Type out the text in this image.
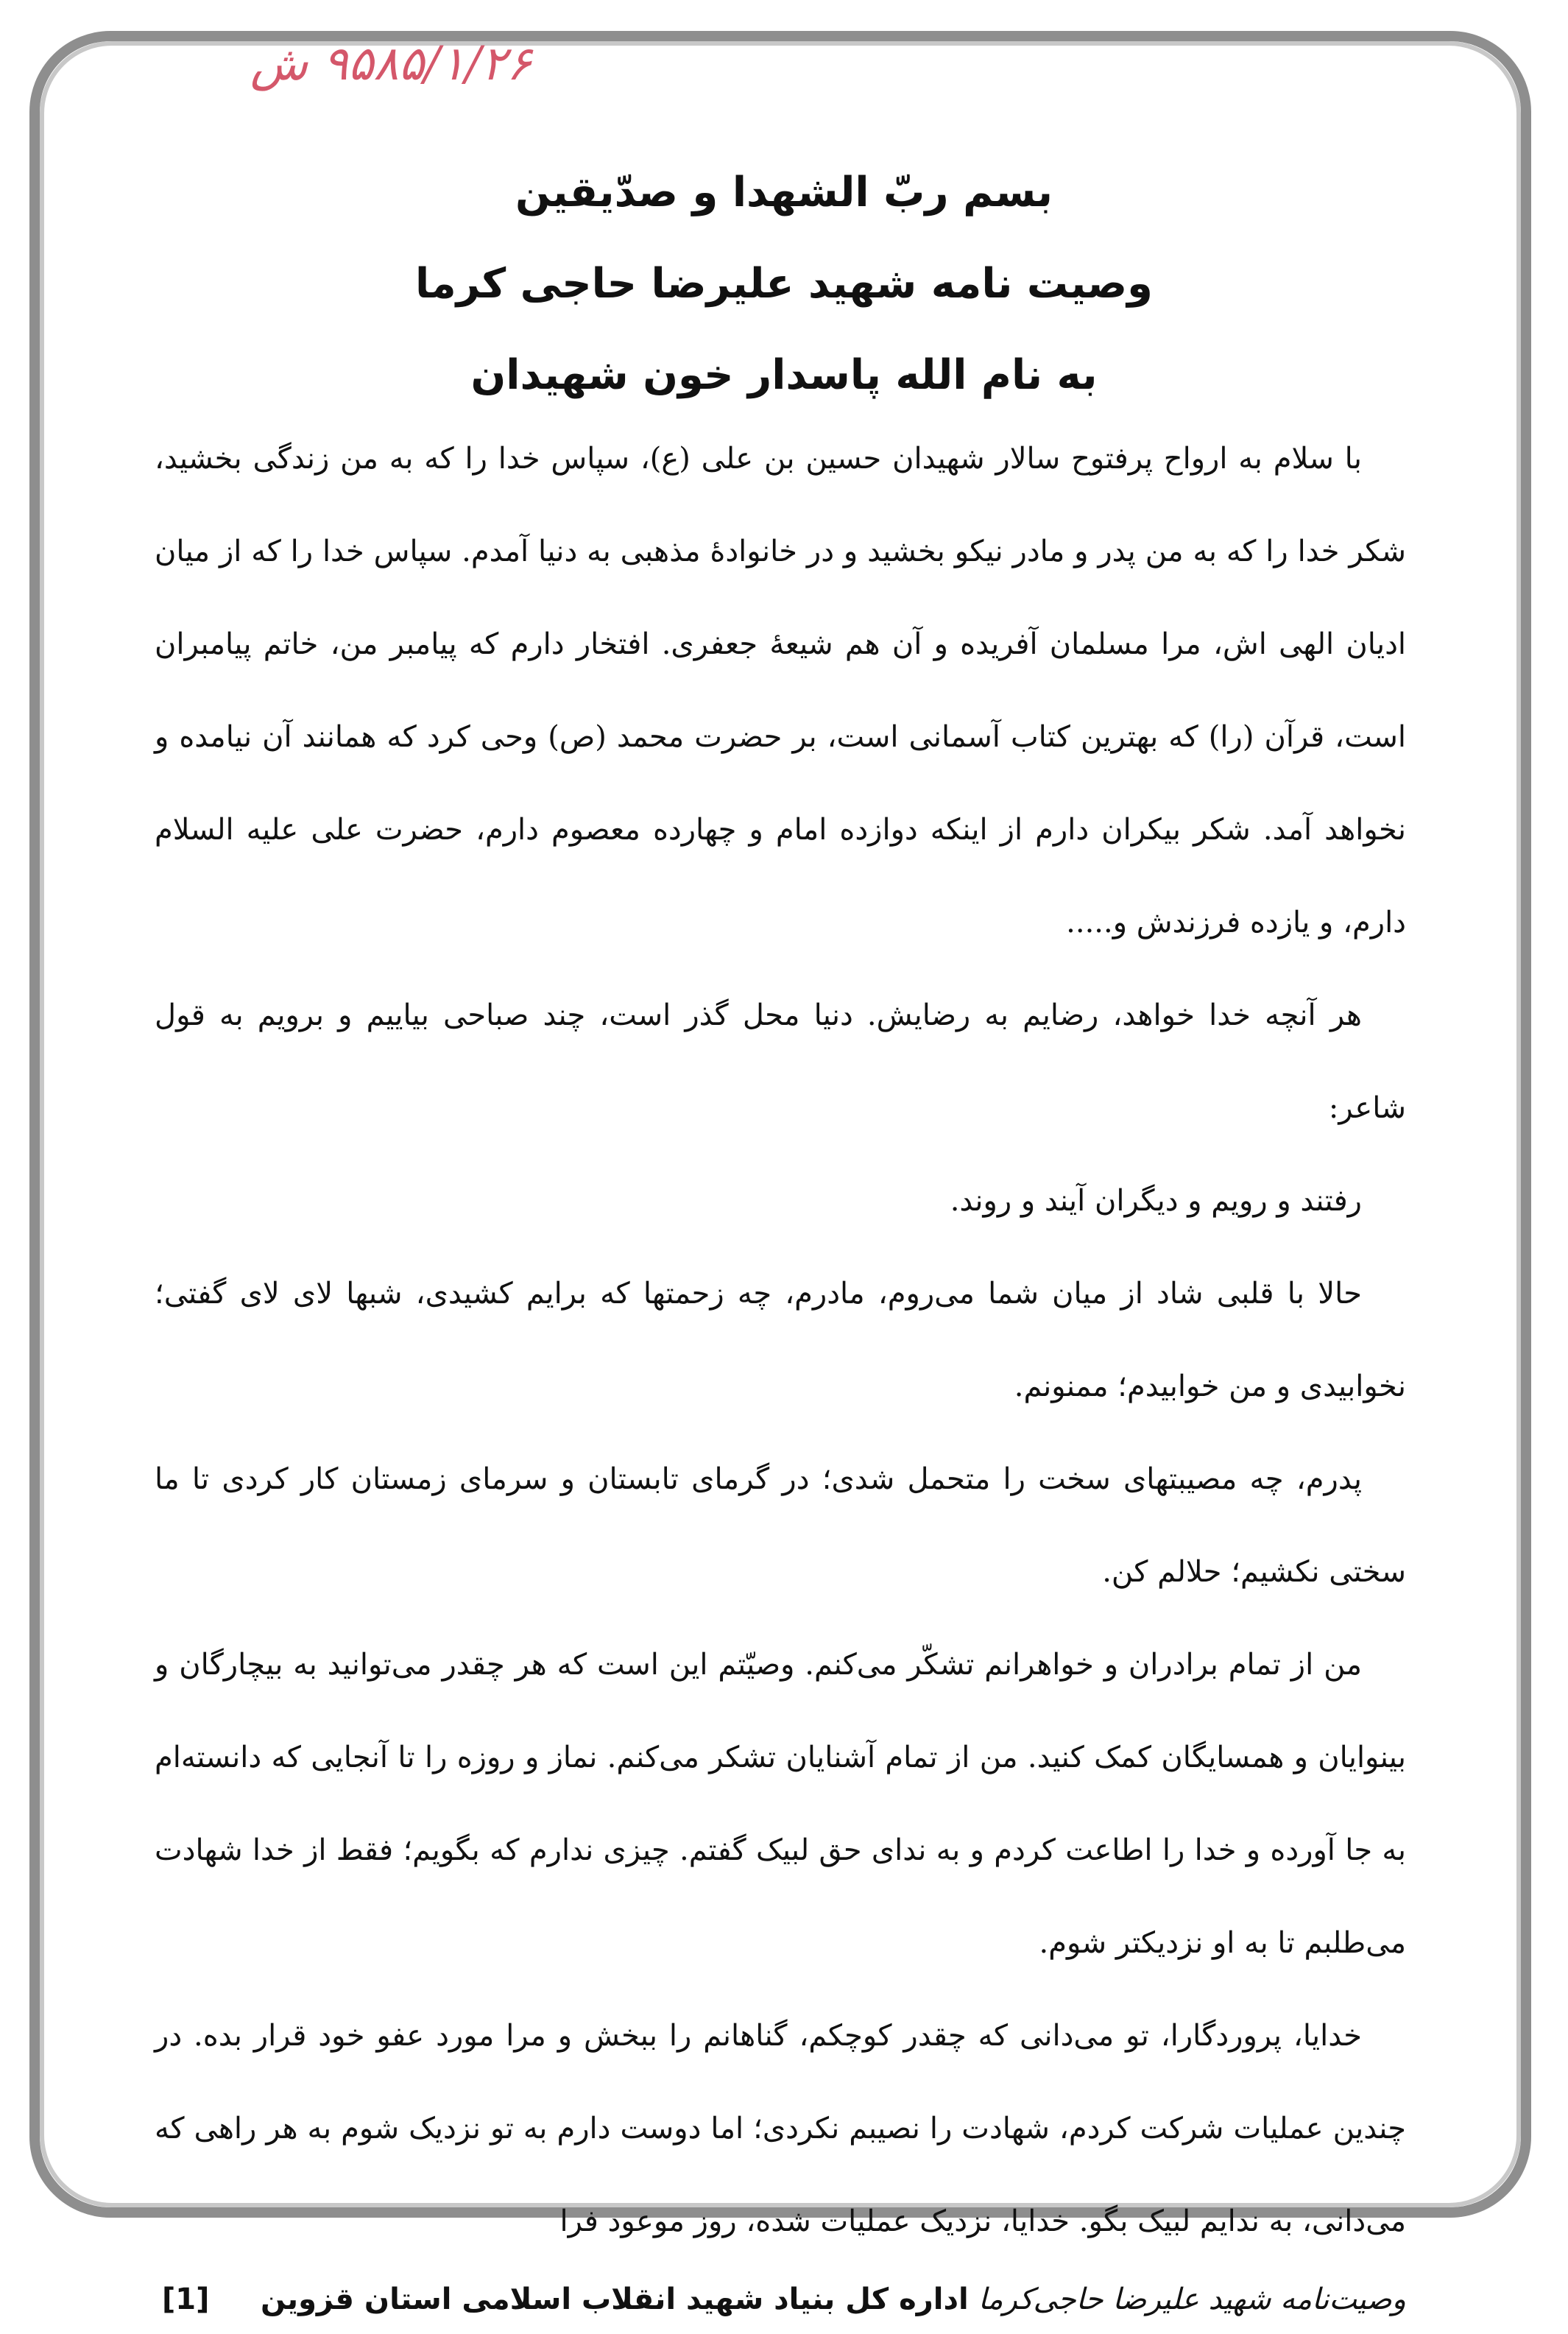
۹۵۸۵/۱/۲۶ ش
بسم ربّ الشهدا و صدّیقین
وصیت نامه شهید علیرضا حاجی کرما
به نام الله پاسدار خون شهیدان

با سلام به ارواح پرفتوح سالار شهیدان حسین بن علی (ع)، سپاس خدا را که به من زندگی بخشید، شکر خدا را که به من پدر و مادر نیکو بخشید و در خانوادهٔ مذهبی به دنیا آمدم. سپاس خدا را که از میان ادیان الهی اش، مرا مسلمان آفریده و آن هم شیعهٔ جعفری. افتخار دارم که پیامبر من، خاتم پیامبران است، قرآن (را) که بهترین کتاب آسمانی است، بر حضرت محمد (ص) وحی کرد که همانند آن نیامده و نخواهد آمد. شکر بیکران دارم از اینکه دوازده امام و چهارده معصوم دارم، حضرت علی علیه السلام دارم، و یازده فرزندش و.....

هر آنچه خدا خواهد، رضایم به رضایش. دنیا محل گذر است، چند صباحی بیاییم و برویم به قول شاعر:

رفتند و رویم و دیگران آیند و روند.

حالا با قلبی شاد از میان شما می‌روم، مادرم، چه زحمتها که برایم کشیدی، شبها لای لای گفتی؛ نخوابیدی و من خوابیدم؛ ممنونم.

پدرم، چه مصیبتهای سخت را متحمل شدی؛ در گرمای تابستان و سرمای زمستان کار کردی تا ما سختی نکشیم؛ حلالم کن.

من از تمام برادران و خواهرانم تشکّر می‌کنم. وصیّتم این است که هر چقدر می‌توانید به بیچارگان و بینوایان و همسایگان کمک کنید. من از تمام آشنایان تشکر می‌کنم. نماز و روزه را تا آنجایی که دانسته‌ام به جا آورده و خدا را اطاعت کردم و به ندای حق لبیک گفتم. چیزی ندارم که بگویم؛ فقط از خدا شهادت می‌طلبم تا به او نزدیکتر شوم.

خدایا، پروردگارا، تو می‌دانی که چقدر کوچکم، گناهانم را ببخش و مرا مورد عفو خود قرار بده. در چندین عملیات شرکت کردم، شهادت را نصیبم نکردی؛ اما دوست دارم به تو نزدیک شوم به هر راهی که می‌دانی، به ندایم لبیک بگو. خدایا، نزدیک عملیات شده، روز موعود فرا

اداره کل بنیاد شهید انقلاب اسلامی استان قزوین     [1]	وصیت‌نامه شهید علیرضا حاجی‌کرما
